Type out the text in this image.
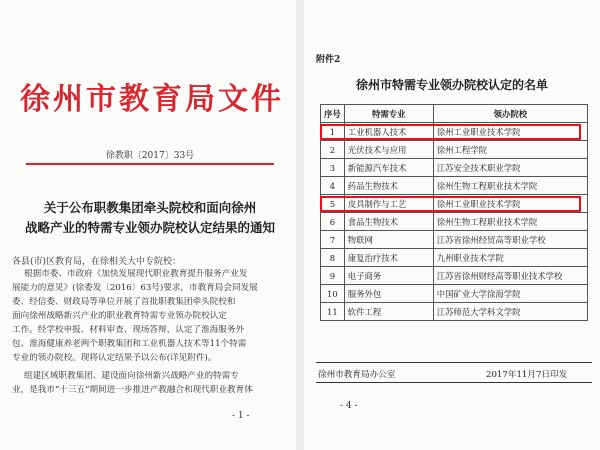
徐州市教育局文件
徐教职〔2017〕33号
关于公布职教集团牵头院校和面向徐州
战略产业的特需专业领办院校认定结果的通知
各县(市)区教育局，在徐相关大中专院校：
根据市委、市政府《加快发展现代职业教育提升服务产业发
展能力的意见》(徐委发〔2016〕63号)要求，市教育局会同发展
委、经信委、财政局等单位开展了首批职教集团牵头院校和
面向徐州战略新兴产业的职业教育特需专业领办院校认定
工作。经学校申报、材料审查、现场答辩，认定了淮海服务外
包、淮海健康养老两个职教集团和工业机器人技术等11个特需
专业的领办院校。现将认定结果予以公布(详见附件)。
组建区域职教集团、建设面向徐州新兴战略产业的特需专
业，是我市“十三五”期间进一步推进产教融合和现代职业教育体
- 1 -
附件2
徐州市特需专业领办院校认定的名单
序号	特需专业	领办院校
1	工业机器人技术	徐州工业职业技术学院
2	光伏技术与应用	徐州工程学院
3	新能源汽车技术	江苏安全技术职业学院
4	药品生物技术	徐州生物工程职业技术学院
5	皮具制作与工艺	徐州工业职业技术学院
6	食品生物技术	徐州生物工程职业技术学院
7	物联网	江苏省徐州经贸高等职业学校
8	康复治疗技术	九州职业技术学院
9	电子商务	江苏省徐州财经高等职业技术学校
10	服务外包	中国矿业大学徐海学院
11	软件工程	江苏师范大学科文学院
徐州市教育局办公室	2017年11月7日印发
- 4 -
